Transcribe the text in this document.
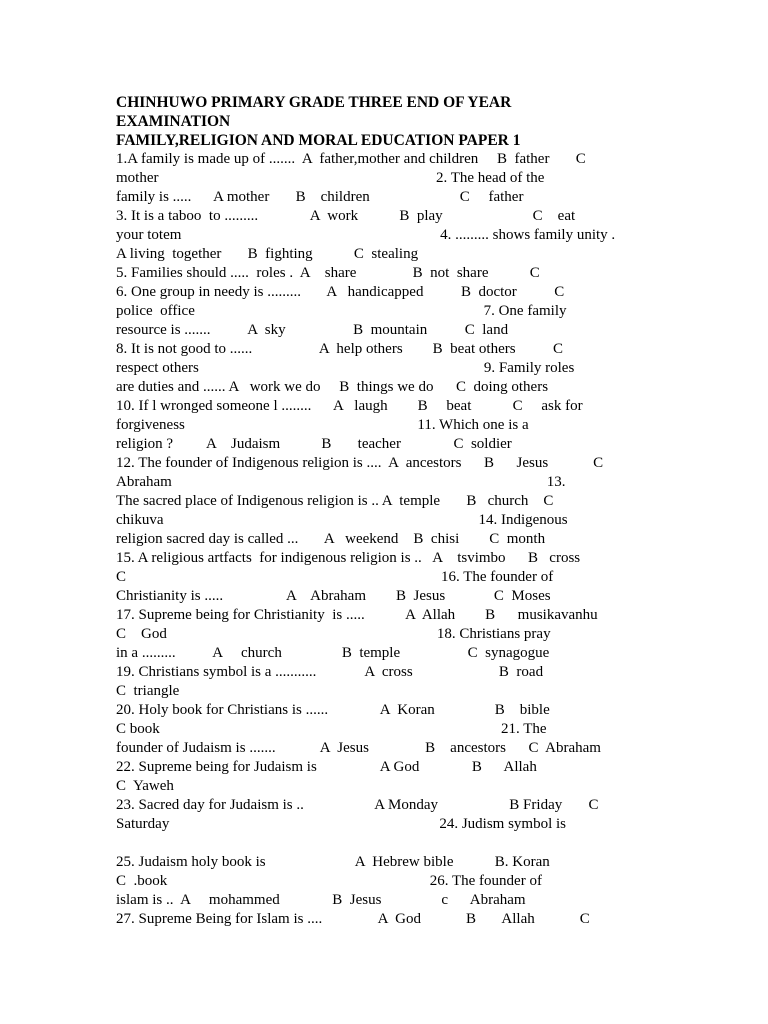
CHINHUWO PRIMARY GRADE THREE END OF YEAR
EXAMINATION
FAMILY,RELIGION AND MORAL EDUCATION PAPER 1
1.A family is made up of .......  A  father,mother and children     B  father       C
mother                                                                          2. The head of the
family is .....      A mother       B    children                        C     father
3. It is a taboo  to .........              A  work           B  play                        C    eat
your totem                                                                     4. ......... shows family unity .
A living  together       B  fighting           C  stealing
5. Families should .....  roles .  A    share               B  not  share           C
6. One group in needy is .........       A   handicapped          B  doctor          C
police  office                                                                             7. One family
resource is .......          A  sky                  B  mountain          C  land
8. It is not good to ......                  A  help others        B  beat others          C
respect others                                                                            9. Family roles
are duties and ...... A   work we do     B  things we do      C  doing others
10. If l wronged someone l ........      A   laugh        B     beat           C     ask for
forgiveness                                                              11. Which one is a
religion ?         A    Judaism           B       teacher              C  soldier
12. The founder of Indigenous religion is ....  A  ancestors      B      Jesus            C
Abraham                                                                                                    13.
The sacred place of Indigenous religion is .. A  temple       B   church    C
chikuva                                                                                    14. Indigenous
religion sacred day is called ...       A   weekend    B  chisi        C  month
15. A religious artfacts  for indigenous religion is ..   A    tsvimbo      B   cross
C                                                                                    16. The founder of
Christianity is .....                 A    Abraham        B  Jesus             C  Moses
17. Supreme being for Christianity  is .....           A  Allah        B      musikavanhu
C    God                                                                        18. Christians pray
in a .........          A     church                B  temple                  C  synagogue
19. Christians symbol is a ...........             A  cross                       B  road
C  triangle
20. Holy book for Christians is ......              A  Koran                B    bible
C book                                                                                           21. The
founder of Judaism is .......            A  Jesus               B    ancestors      C  Abraham
22. Supreme being for Judaism is                 A God              B      Allah
C  Yaweh
23. Sacred day for Judaism is ..                   A Monday                   B Friday       C
Saturday                                                                        24. Judism symbol is
25. Judaism holy book is                        A  Hebrew bible           B. Koran
C  .book                                                                      26. The founder of
islam is ..  A     mohammed              B  Jesus                c      Abraham
27. Supreme Being for Islam is ....               A  God            B       Allah            C
